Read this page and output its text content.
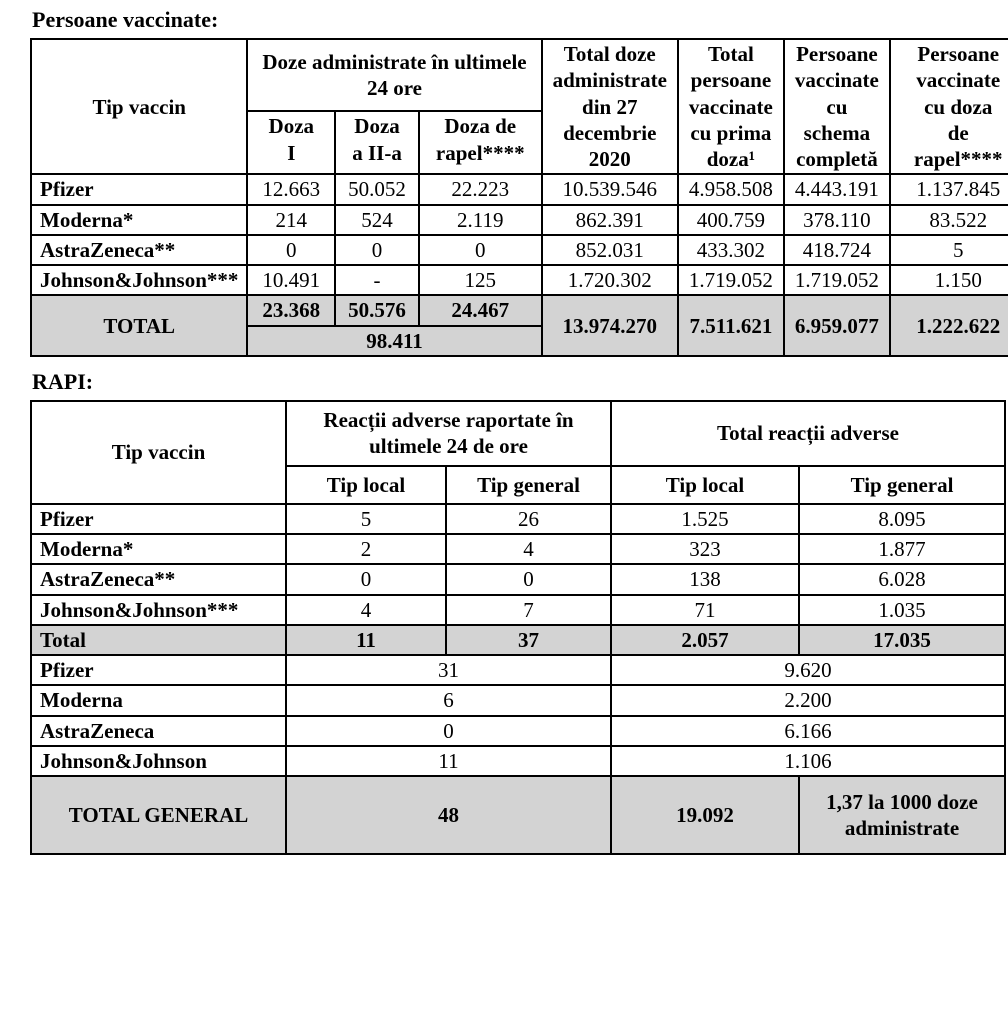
Persoane vaccinate:
Tip vaccin	Doze administrate în ultimele 24 ore			Total doze administrate din 27 decembrie 2020	Total persoane vaccinate cu prima doza¹	Persoane vaccinate cu schema completă	Persoane vaccinate cu doza de rapel****
	Doza I	Doza a II-a	Doza de rapel****				
Pfizer	12.663	50.052	22.223	10.539.546	4.958.508	4.443.191	1.137.845
Moderna*	214	524	2.119	862.391	400.759	378.110	83.522
AstraZeneca**	0	0	0	852.031	433.302	418.724	5
Johnson&Johnson***	10.491	-	125	1.720.302	1.719.052	1.719.052	1.150
TOTAL	23.368	50.576	24.467	13.974.270	7.511.621	6.959.077	1.222.622
	98.411						
RAPI:
Tip vaccin	Reacții adverse raportate în ultimele 24 de ore		Total reacții adverse	
	Tip local	Tip general	Tip local	Tip general
Pfizer	5	26	1.525	8.095
Moderna*	2	4	323	1.877
AstraZeneca**	0	0	138	6.028
Johnson&Johnson***	4	7	71	1.035
Total	11	37	2.057	17.035
Pfizer	31		9.620	
Moderna	6		2.200	
AstraZeneca	0		6.166	
Johnson&Johnson	11		1.106	
TOTAL GENERAL	48		19.092	1,37 la 1000 doze administrate
